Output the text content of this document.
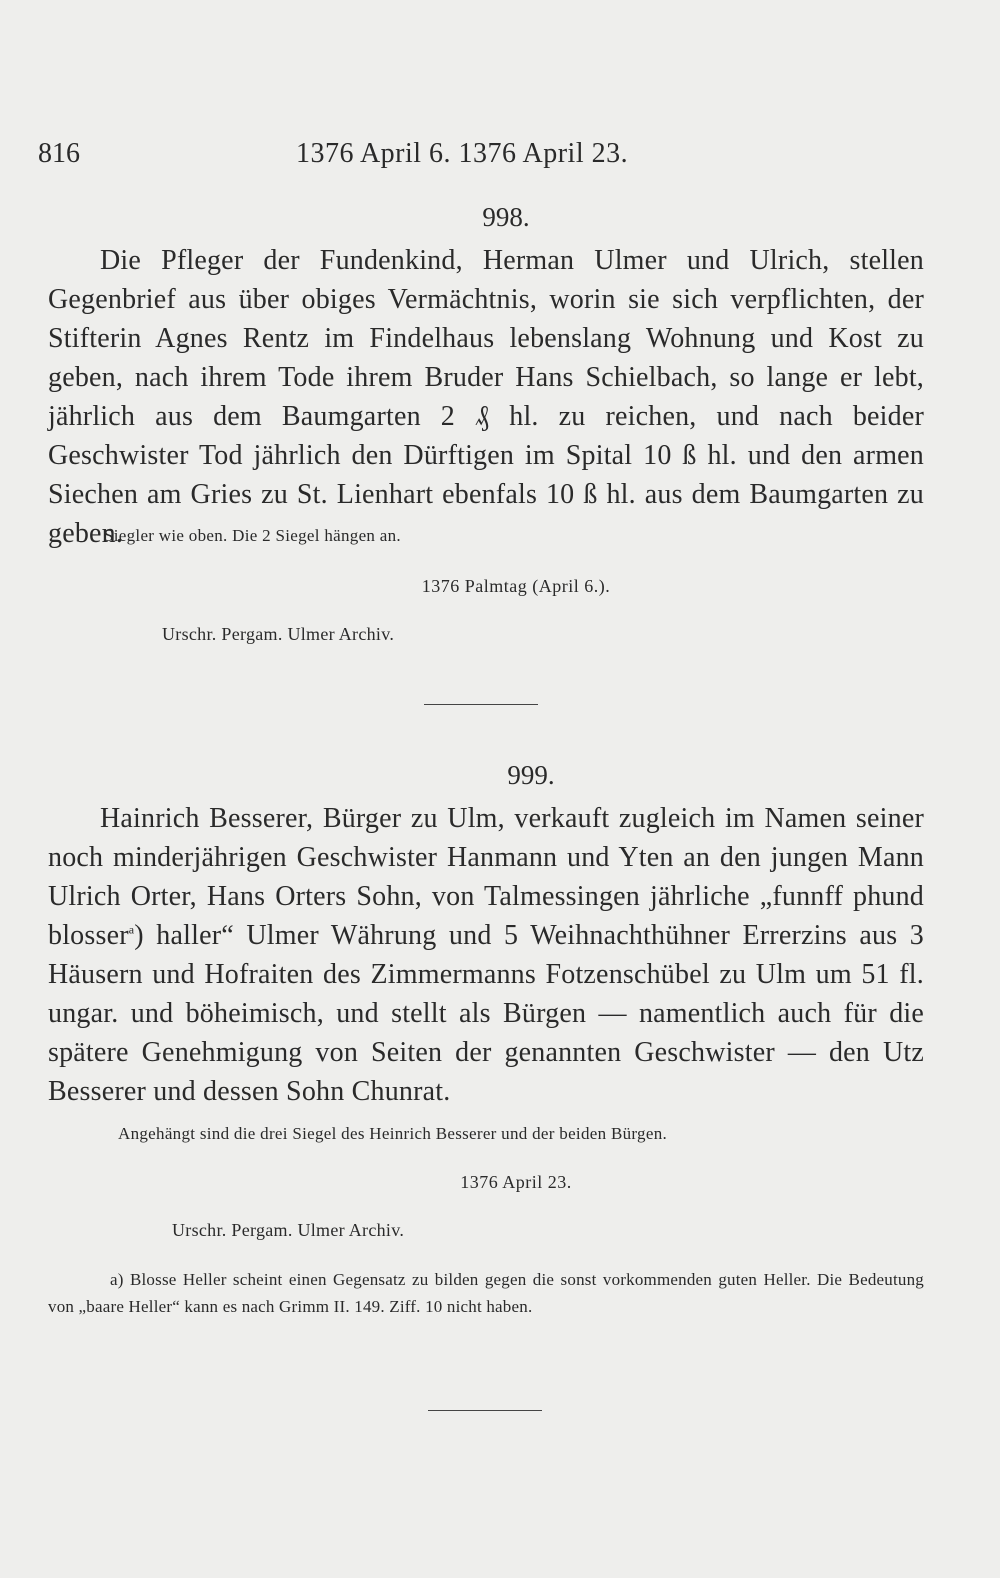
816	1376 April 6. 1376 April 23.
998.

Die Pfleger der Fundenkind, Herman Ulmer und Ulrich, stellen Gegenbrief aus über obiges Vermächtnis, worin sie sich verpflichten, der Stifterin Agnes Rentz im Findelhaus lebenslang Wohnung und Kost zu geben, nach ihrem Tode ihrem Bruder Hans Schielbach, so lange er lebt, jährlich aus dem Baumgarten 2 ₰ hl. zu reichen, und nach beider Geschwister Tod jährlich den Dürftigen im Spital 10 ß hl. und den armen Siechen am Gries zu St. Lienhart ebenfals 10 ß hl. aus dem Baumgarten zu geben.

Siegler wie oben. Die 2 Siegel hängen an.

1376 Palmtag (April 6.).

Urschr. Pergam. Ulmer Archiv.

999.

Hainrich Besserer, Bürger zu Ulm, verkauft zugleich im Namen seiner noch minderjährigen Geschwister Hanmann und Yten an den jungen Mann Ulrich Orter, Hans Orters Sohn, von Talmessingen jährliche „funnff phund blosser$^a$) haller“ Ulmer Währung und 5 Weihnachthühner Errerzins aus 3 Häusern und Hofraiten des Zimmermanns Fotzenschübel zu Ulm um 51 fl. ungar. und böheimisch, und stellt als Bürgen — namentlich auch für die spätere Genehmigung von Seiten der genannten Geschwister — den Utz Besserer und dessen Sohn Chunrat.

Angehängt sind die drei Siegel des Heinrich Besserer und der beiden Bürgen.

1376 April 23.

Urschr. Pergam. Ulmer Archiv.

a) Blosse Heller scheint einen Gegensatz zu bilden gegen die sonst vorkommenden guten Heller. Die Bedeutung von „baare Heller“ kann es nach Grimm II. 149. Ziff. 10 nicht haben.
